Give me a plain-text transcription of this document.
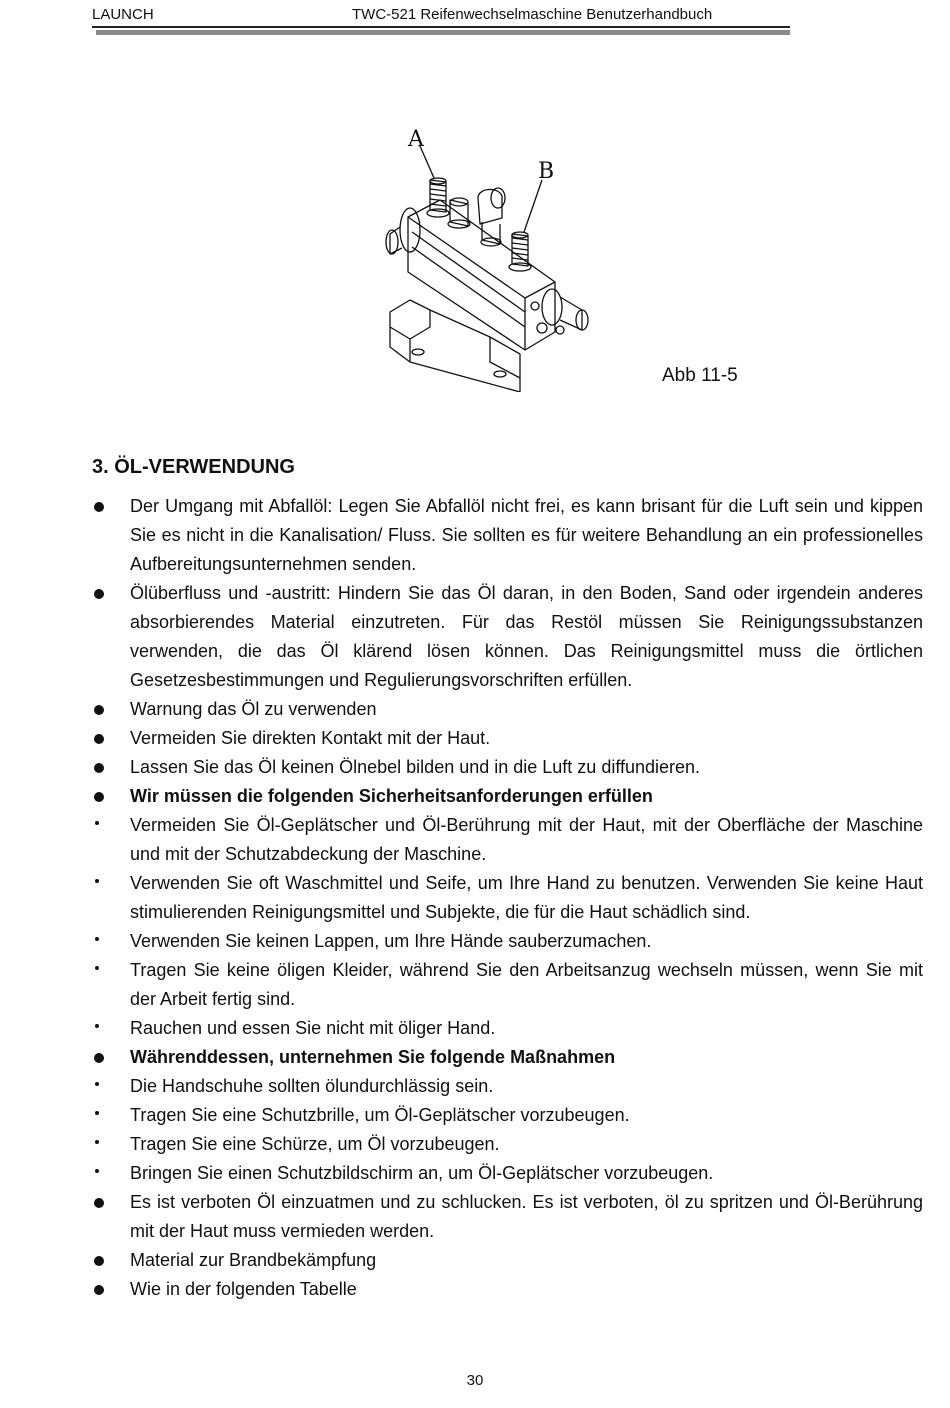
LAUNCH	TWC-521 Reifenwechselmaschine Benutzerhandbuch
A
B
Abb 11-5
3. ÖL-VERWENDUNG
Der Umgang mit Abfallöl: Legen Sie Abfallöl nicht frei, es kann brisant für die Luft sein und kippen Sie es nicht in die Kanalisation/ Fluss. Sie sollten es für weitere Behandlung an ein professionelles Aufbereitungsunternehmen senden.
Ölüberfluss und -austritt: Hindern Sie das Öl daran, in den Boden, Sand oder irgendein anderes absorbierendes Material einzutreten. Für das Restöl müssen Sie Reinigungssubstanzen verwenden, die das Öl klärend lösen können. Das Reinigungsmittel muss die örtlichen Gesetzesbestimmungen und Regulierungsvorschriften erfüllen.
Warnung das Öl zu verwenden
Vermeiden Sie direkten Kontakt mit der Haut.
Lassen Sie das Öl keinen Ölnebel bilden und in die Luft zu diffundieren.
Wir müssen die folgenden Sicherheitsanforderungen erfüllen
Vermeiden Sie Öl-Geplätscher und Öl-Berührung mit der Haut, mit der Oberfläche der Maschine und mit der Schutzabdeckung der Maschine.
Verwenden Sie oft Waschmittel und Seife, um Ihre Hand zu benutzen. Verwenden Sie keine Haut stimulierenden Reinigungsmittel und Subjekte, die für die Haut schädlich sind.
Verwenden Sie keinen Lappen, um Ihre Hände sauberzumachen.
Tragen Sie keine öligen Kleider, während Sie den Arbeitsanzug wechseln müssen, wenn Sie mit der Arbeit fertig sind.
Rauchen und essen Sie nicht mit öliger Hand.
Währenddessen, unternehmen Sie folgende Maßnahmen
Die Handschuhe sollten ölundurchlässig sein.
Tragen Sie eine Schutzbrille, um Öl-Geplätscher vorzubeugen.
Tragen Sie eine Schürze, um Öl vorzubeugen.
Bringen Sie einen Schutzbildschirm an, um Öl-Geplätscher vorzubeugen.
Es ist verboten Öl einzuatmen und zu schlucken. Es ist verboten, öl zu spritzen und Öl-Berührung mit der Haut muss vermieden werden.
Material zur Brandbekämpfung
Wie in der folgenden Tabelle
30
